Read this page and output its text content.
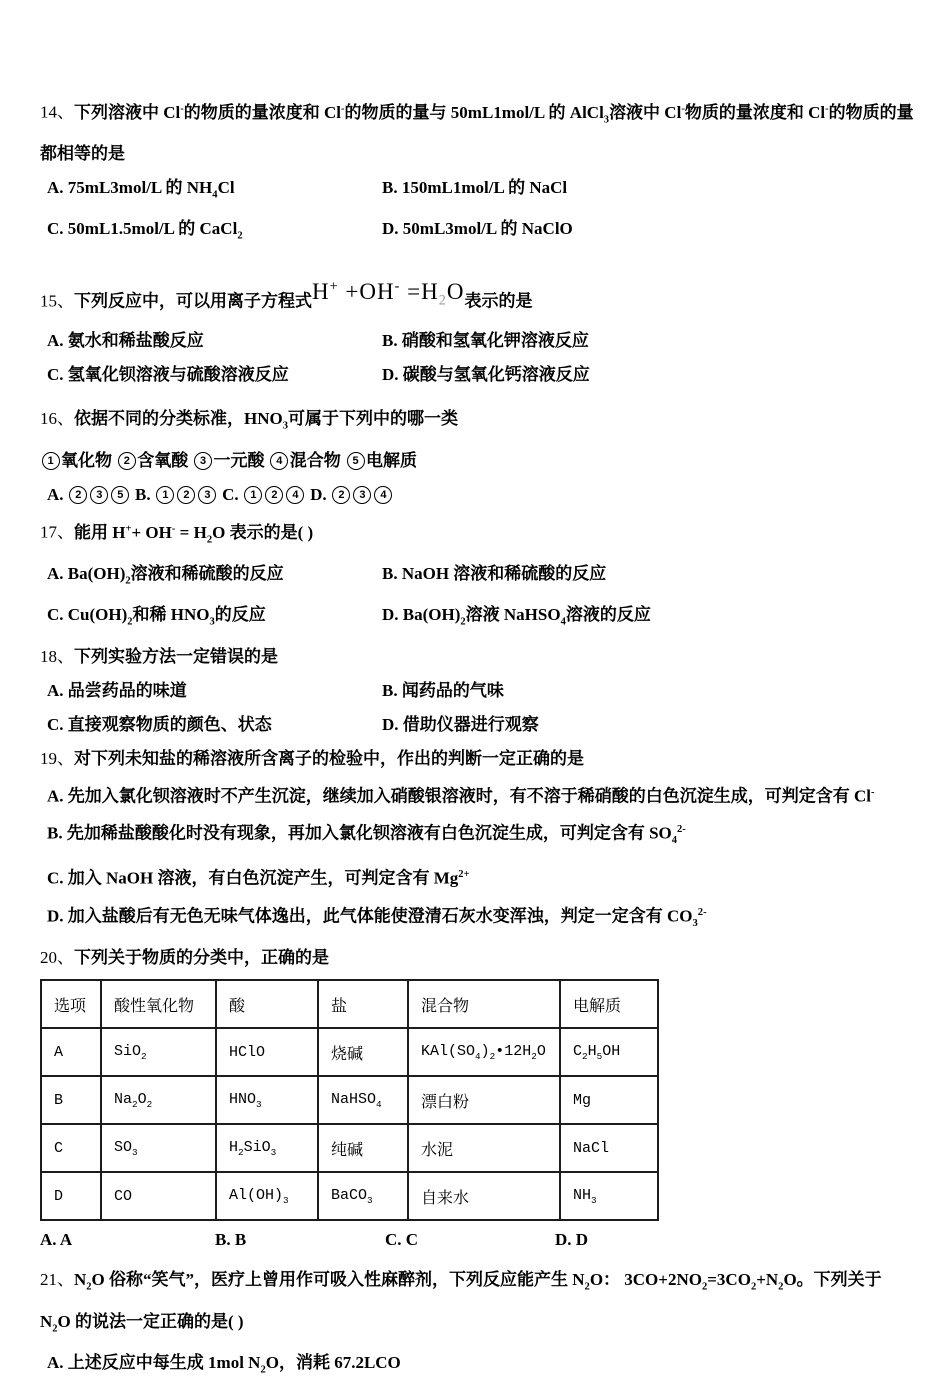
14、下列溶液中 Cl-的物质的量浓度和 Cl-的物质的量与 50mL1mol/L 的 AlCl$_3$溶液中 Cl-物质的量浓度和 Cl-的物质的量
都相等的是
A. 75mL3mol/L 的 $NH_4Cl$	B. 150mL1mol/L 的 NaCl
C. 50mL1.5mol/L 的 CaCl$_2$	D. 50mL3mol/L 的 NaClO
15、下列反应中，可以用离子方程式$H^+ +OH^- =H_2O$表示的是
A. 氨水和稀盐酸反应	B. 硝酸和氢氧化钾溶液反应
C. 氢氧化钡溶液与硫酸溶液反应	D. 碳酸与氢氧化钙溶液反应
16、依据不同的分类标准，$HNO_3$可属于下列中的哪一类
1 氧化物 2 含氧酸 3 一元酸 4 混合物 5 电解质
A. 2 3 5 B. 1 2 3 C. 1 2 4 D. 2 3 4
17、能用 $H^++ OH^- = H_2O$ 表示的是( )
A. $Ba(OH)_2$溶液和稀硫酸的反应	B. NaOH 溶液和稀硫酸的反应
C. $Cu(OH)_2$和稀 $HNO_3$的反应	D. $Ba(OH)_2$溶液 NaHSO$_4$溶液的反应
18、下列实验方法一定错误的是
A. 品尝药品的味道	B. 闻药品的气味
C. 直接观察物质的颜色、状态	D. 借助仪器进行观察
19、对下列未知盐的稀溶液所含离子的检验中，作出的判断一定正确的是
A. 先加入氯化钡溶液时不产生沉淀，继续加入硝酸银溶液时，有不溶于稀硝酸的白色沉淀生成，可判定含有 Cl-
B. 先加稀盐酸酸化时没有现象，再加入氯化钡溶液有白色沉淀生成，可判定含有 $SO_4^{2-}$
C. 加入 NaOH 溶液，有白色沉淀产生，可判定含有 $Mg^{2+}$
D. 加入盐酸后有无色无味气体逸出，此气体能使澄清石灰水变浑浊，判定一定含有 $CO_3^{2-}$
20、下列关于物质的分类中，正确的是
选项	酸性氧化物	酸	盐	混合物	电解质
A	SiO$_2$	HClO	烧碱	$KAl(SO_4)_2•12H_2O$	$C_2H_5OH$
B	$Na_2O_2$	$HNO_3$	NaHSO$_4$	漂白粉	Mg
C	$SO_3$	$H_2SiO_3$	纯碱	水泥	NaCl
D	CO	$Al(OH)_3$	BaCO$_3$	自来水	$NH_3$
A. A	B. B	C. C	D. D
21、$N_2O$ 俗称“笑气”，医疗上曾用作可吸入性麻醉剂，下列反应能产生 $N_2O$： $3CO+2NO_2=3CO_2+N_2O$。下列关于
$N_2O$ 的说法一定正确的是( )
A. 上述反应中每生成 1mol $N_2O$，消耗 67.2LCO
